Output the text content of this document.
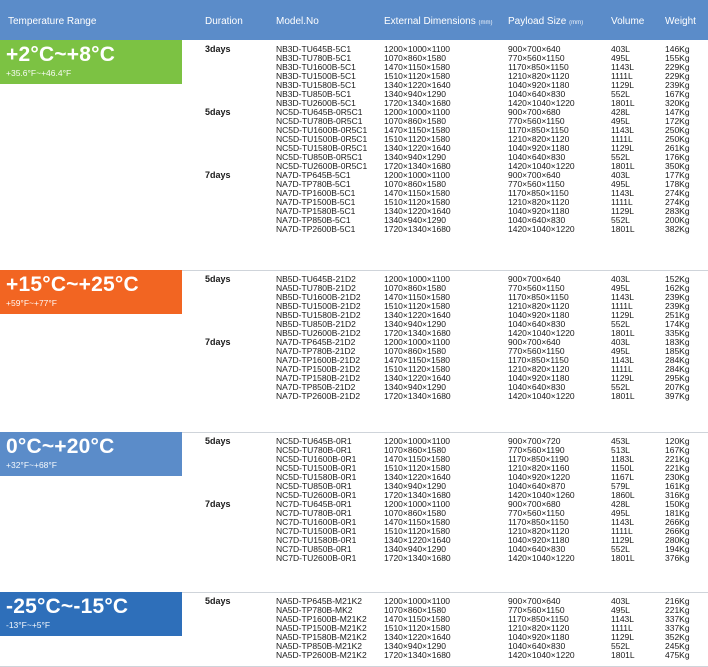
Temperature Range	Duration	Model.No	External Dimensions (mm) Payload Size (mm)	Volume Weight
+2°C~+8°C
+35.6°F~+46.4°F
3days	NB3D-TU645B-5C1	1200×1000×1100	900×700×640	403L	146Kg
NB3D-TU780B-5C1	1070×860×1580	770×560×1150	495L	155Kg
NB3D-TU1600B-5C1	1470×1150×1580	1170×850×1150	1143L	229Kg
NB3D-TU1500B-5C1	1510×1120×1580	1210×820×1120	1111L	229Kg
NB3D-TU1580B-5C1	1340×1220×1640	1040×920×1180	1129L	239Kg
NB3D-TU850B-5C1	1340×940×1290	1040×640×830	552L	167Kg
NB3D-TU2600B-5C1	1720×1340×1680	1420×1040×1220	1801L	320Kg
5days	NC5D-TU645B-0R5C1	1200×1000×1100	900×700×680	428L	147Kg
NC5D-TU780B-0R5C1	1070×860×1580	770×560×1150	495L	172Kg
NC5D-TU1600B-0R5C1 1470×1150×1580	1170×850×1150	1143L	250Kg
NC5D-TU1500B-0R5C1 1510×1120×1580	1210×820×1120	1111L	250Kg
NC5D-TU1580B-0R5C1 1340×1220×1640	1040×920×1180	1129L	261Kg
NC5D-TU850B-0R5C1	1340×940×1290	1040×640×830	552L	176Kg
NC5D-TU2600B-0R5C1 1720×1340×1680	1420×1040×1220	1801L	350Kg
7days	NA7D-TP645B-5C1	1200×1000×1100	900×700×640	403L	177Kg
NA7D-TP780B-5C1	1070×860×1580	770×560×1150	495L	178Kg
NA7D-TP1600B-5C1	1470×1150×1580	1170×850×1150	1143L	274Kg
NA7D-TP1500B-5C1	1510×1120×1580	1210×820×1120	1111L	274Kg
NA7D-TP1580B-5C1	1340×1220×1640	1040×920×1180	1129L	283Kg
NA7D-TP850B-5C1	1340×940×1290	1040×640×830	552L	200Kg
NA7D-TP2600B-5C1	1720×1340×1680	1420×1040×1220	1801L	382Kg
+15°C~+25°C
+59°F~+77°F
5days	NB5D-TU645B-21D2	1200×1000×1100	900×700×640	403L	152Kg
NA5D-TU780B-21D2	1070×860×1580	770×560×1150	495L	162Kg
NB5D-TU1600B-21D2	1470×1150×1580	1170×850×1150	1143L	239Kg
NB5D-TU1500B-21D2	1510×1120×1580	1210×820×1120	1111L	239Kg
NB5D-TU1580B-21D2	1340×1220×1640	1040×920×1180	1129L	251Kg
NB5D-TU850B-21D2	1340×940×1290	1040×640×830	552L	174Kg
NB5D-TU2600B-21D2	1720×1340×1680	1420×1040×1220	1801L	335Kg
7days	NA7D-TP645B-21D2	1200×1000×1100	900×700×640	403L	183Kg
NA7D-TP780B-21D2	1070×860×1580	770×560×1150	495L	185Kg
NA7D-TP1600B-21D2	1470×1150×1580	1170×850×1150	1143L	284Kg
NA7D-TP1500B-21D2	1510×1120×1580	1210×820×1120	1111L	284Kg
NA7D-TP1580B-21D2	1340×1220×1640	1040×920×1180	1129L	295Kg
NA7D-TP850B-21D2	1340×940×1290	1040×640×830	552L	207Kg
NA7D-TP2600B-21D2	1720×1340×1680	1420×1040×1220	1801L	397Kg
0°C~+20°C
+32°F~+68°F
5days	NC5D-TU645B-0R1	1200×1000×1100	900×700×720	453L	120Kg
NC5D-TU780B-0R1	1070×860×1580	770×560×1190	513L	167Kg
NC5D-TU1600B-0R1	1470×1150×1580	1170×850×1190	1183L	221Kg
NC5D-TU1500B-0R1	1510×1120×1580	1210×820×1160	1150L	221Kg
NC5D-TU1580B-0R1	1340×1220×1640	1040×920×1220	1167L	230Kg
NC5D-TU850B-0R1	1340×940×1290	1040×640×870	579L	161Kg
NC5D-TU2600B-0R1	1720×1340×1680	1420×1040×1260	1860L	316Kg
7days	NC7D-TU645B-0R1	1200×1000×1100	900×700×680	428L	150Kg
NC7D-TU780B-0R1	1070×860×1580	770×560×1150	495L	181Kg
NC7D-TU1600B-0R1	1470×1150×1580	1170×850×1150	1143L	266Kg
NC7D-TU1500B-0R1	1510×1120×1580	1210×820×1120	1111L	266Kg
NC7D-TU1580B-0R1	1340×1220×1640	1040×920×1180	1129L	280Kg
NC7D-TU850B-0R1	1340×940×1290	1040×640×830	552L	194Kg
NC7D-TU2600B-0R1	1720×1340×1680	1420×1040×1220	1801L	376Kg
-25°C~-15°C
-13°F~+5°F
5days	NA5D-TP645B-M21K2	1200×1000×1100	900×700×640	403L	216Kg
NA5D-TP780B-MK2	1070×860×1580	770×560×1150	495L	221Kg
NA5D-TP1600B-M21K2 1470×1150×1580	1170×850×1150	1143L	337Kg
NA5D-TP1500B-M21K2 1510×1120×1580	1210×820×1120	1111L	337Kg
NA5D-TP1580B-M21K2 1340×1220×1640	1040×920×1180	1129L	352Kg
NA5D-TP850B-M21K2	1340×940×1290	1040×640×830	552L	245Kg
NA5D-TP2600B-M21K2 1720×1340×1680	1420×1040×1220	1801L	475Kg
